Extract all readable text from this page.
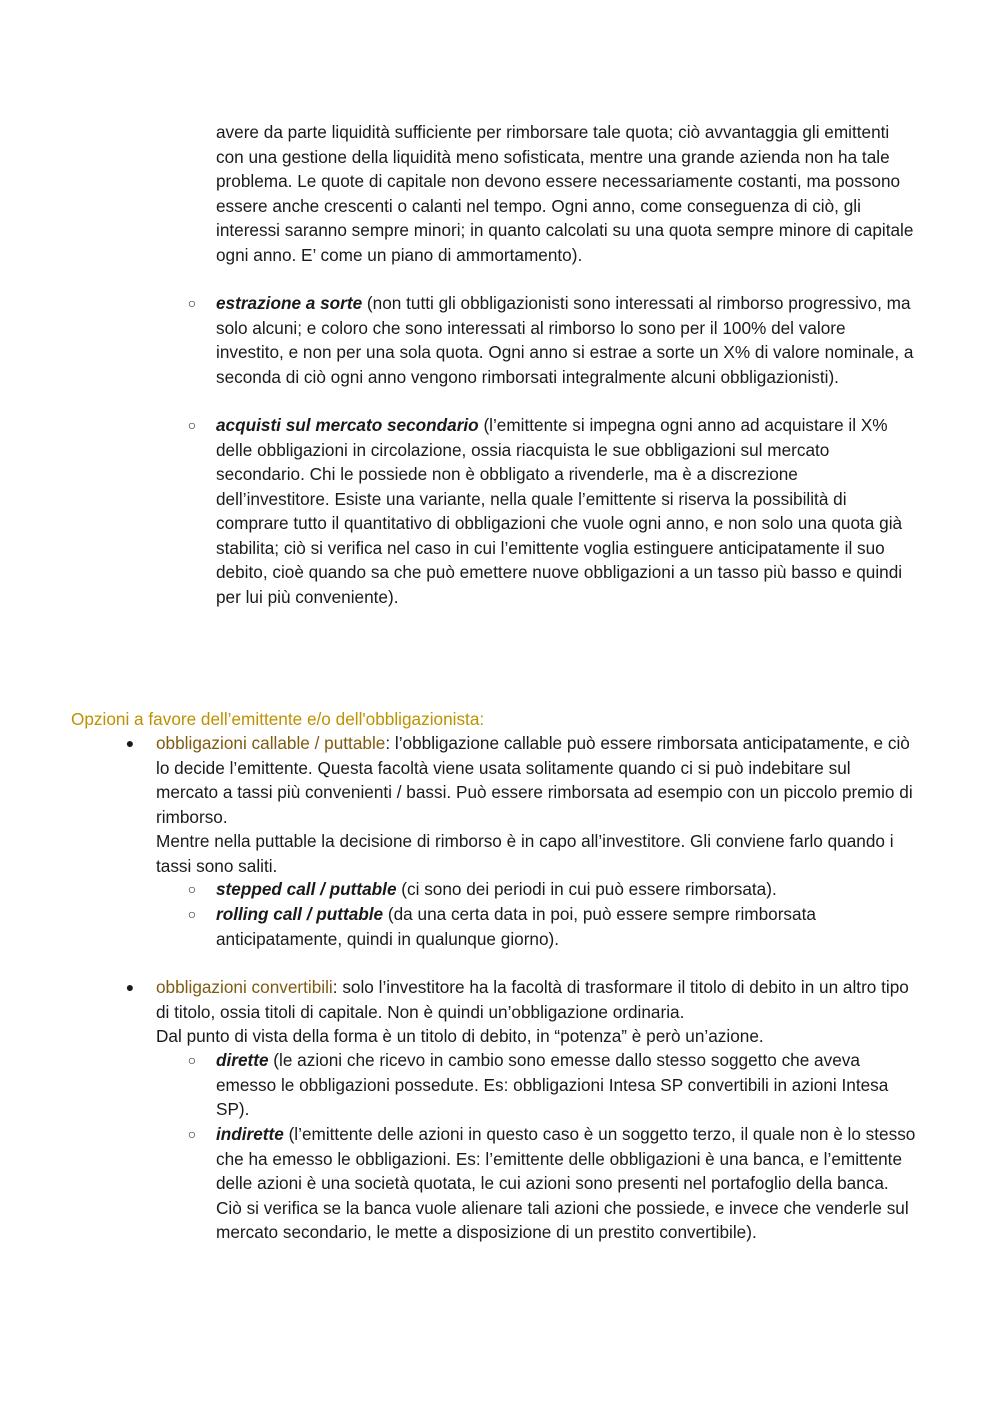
avere da parte liquidità sufficiente per rimborsare tale quota; ciò avvantaggia gli emittenti con una gestione della liquidità meno sofisticata, mentre una grande azienda non ha tale problema. Le quote di capitale non devono essere necessariamente costanti, ma possono essere anche crescenti o calanti nel tempo. Ogni anno, come conseguenza di ciò, gli interessi saranno sempre minori; in quanto calcolati su una quota sempre minore di capitale ogni anno. E’ come un piano di ammortamento).

○ estrazione a sorte (non tutti gli obbligazionisti sono interessati al rimborso progressivo, ma solo alcuni; e coloro che sono interessati al rimborso lo sono per il 100% del valore investito, e non per una sola quota. Ogni anno si estrae a sorte un X% di valore nominale, a seconda di ciò ogni anno vengono rimborsati integralmente alcuni obbligazionisti).

○ acquisti sul mercato secondario (l’emittente si impegna ogni anno ad acquistare il X% delle obbligazioni in circolazione, ossia riacquista le sue obbligazioni sul mercato secondario. Chi le possiede non è obbligato a rivenderle, ma è a discrezione dell’investitore. Esiste una variante, nella quale l’emittente si riserva la possibilità di comprare tutto il quantitativo di obbligazioni che vuole ogni anno, e non solo una quota già stabilita; ciò si verifica nel caso in cui l’emittente voglia estinguere anticipatamente il suo debito, cioè quando sa che può emettere nuove obbligazioni a un tasso più basso e quindi per lui più conveniente).

Opzioni a favore dell’emittente e/o dell'obbligazionista:
● obbligazioni callable / puttable: l’obbligazione callable può essere rimborsata anticipatamente, e ciò lo decide l’emittente. Questa facoltà viene usata solitamente quando ci si può indebitare sul mercato a tassi più convenienti / bassi. Può essere rimborsata ad esempio con un piccolo premio di rimborso.

Mentre nella puttable la decisione di rimborso è in capo all’investitore. Gli conviene farlo quando i tassi sono saliti.

○ stepped call / puttable (ci sono dei periodi in cui può essere rimborsata).

○ rolling call / puttable (da una certa data in poi, può essere sempre rimborsata anticipatamente, quindi in qualunque giorno).

● obbligazioni convertibili: solo l’investitore ha la facoltà di trasformare il titolo di debito in un altro tipo di titolo, ossia titoli di capitale. Non è quindi un’obbligazione ordinaria.

Dal punto di vista della forma è un titolo di debito, in “potenza” è però un’azione.

○ dirette (le azioni che ricevo in cambio sono emesse dallo stesso soggetto che aveva emesso le obbligazioni possedute. Es: obbligazioni Intesa SP convertibili in azioni Intesa SP).

○ indirette (l’emittente delle azioni in questo caso è un soggetto terzo, il quale non è lo stesso che ha emesso le obbligazioni. Es: l’emittente delle obbligazioni è una banca, e l’emittente delle azioni è una società quotata, le cui azioni sono presenti nel portafoglio della banca. Ciò si verifica se la banca vuole alienare tali azioni che possiede, e invece che venderle sul mercato secondario, le mette a disposizione di un prestito convertibile).
